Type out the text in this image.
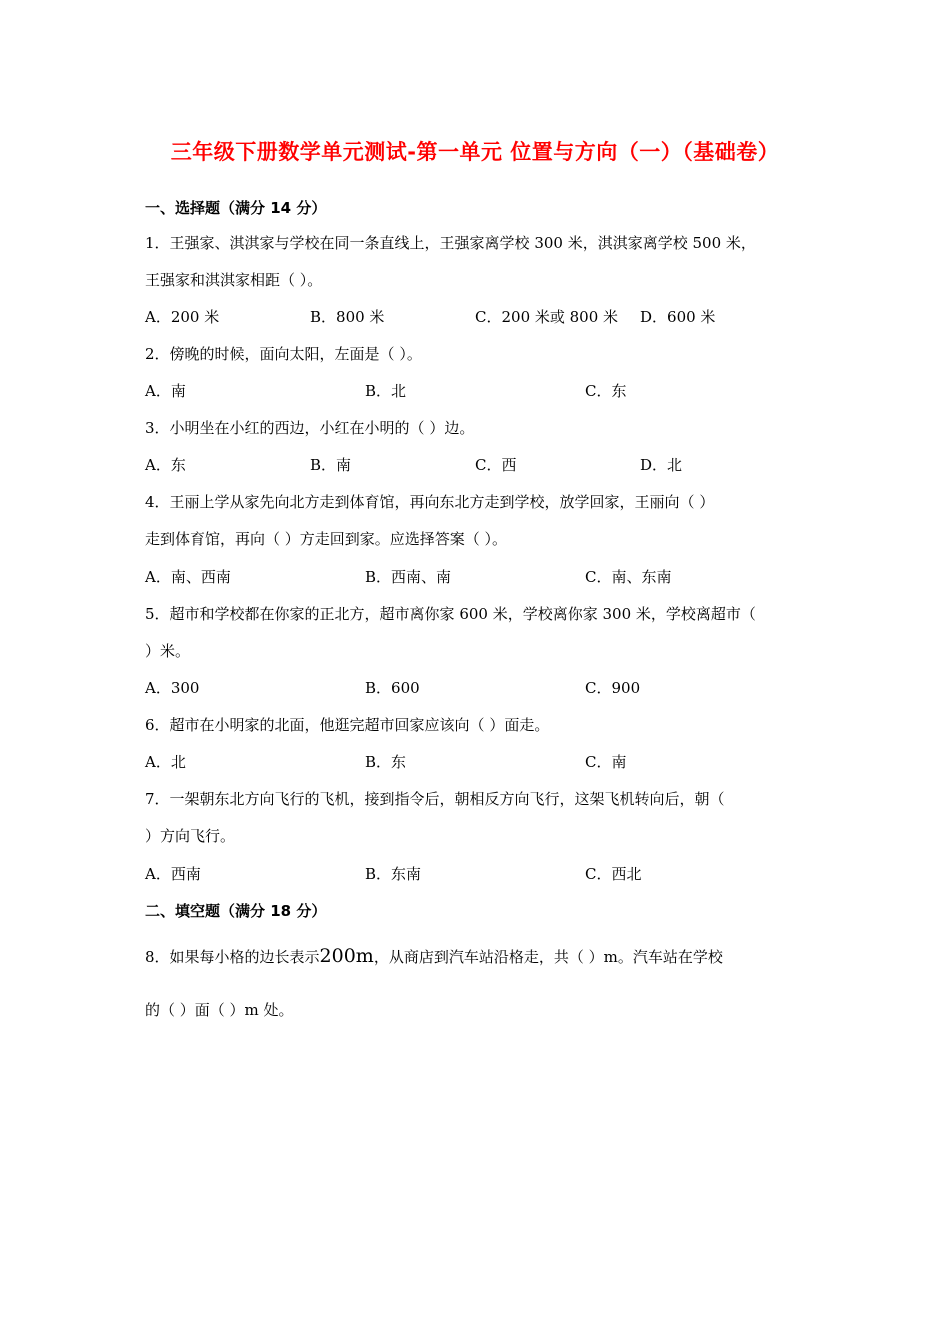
三年级下册数学单元测试-第一单元 位置与方向（一）（基础卷）
一、选择题（满分 14 分）
1．王强家、淇淇家与学校在同一条直线上，王强家离学校 300 米，淇淇家离学校 500 米，
王强家和淇淇家相距（ ）。
A．200 米	B．800 米	C．200 米或 800 米 D．600 米
2．傍晚的时候，面向太阳，左面是（ ）。
A．南	B．北	C．东
3．小明坐在小红的西边，小红在小明的（ ）边。
A．东	B．南	C．西	D．北
4．王丽上学从家先向北方走到体育馆，再向东北方走到学校，放学回家，王丽向（ ）
走到体育馆，再向（ ）方走回到家。应选择答案（ ）。
A．南、西南	B．西南、南	C．南、东南
5．超市和学校都在你家的正北方，超市离你家 600 米，学校离你家 300 米，学校离超市（
）米。
A．300	B．600	C．900
6．超市在小明家的北面，他逛完超市回家应该向（ ）面走。
A．北	B．东	C．南
7．一架朝东北方向飞行的飞机，接到指令后，朝相反方向飞行，这架飞机转向后，朝（
）方向飞行。
A．西南	B．东南	C．西北
二、填空题（满分 18 分）
8．如果每小格的边长表示200m，从商店到汽车站沿格走，共（ ）m。汽车站在学校
的（ ）面（ ）m 处。
